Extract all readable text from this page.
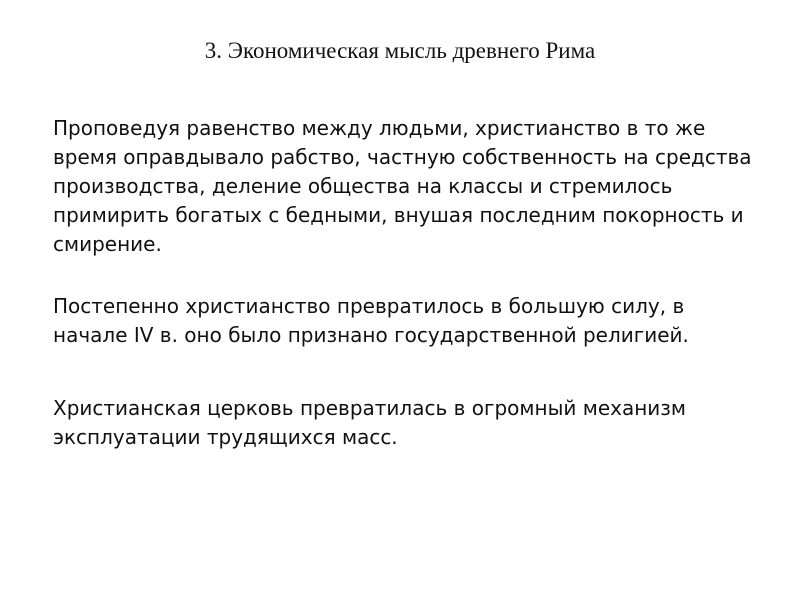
3. Экономическая мысль древнего Рима

Проповедуя равенство между людьми, христианство в то же время оправдывало рабство, частную собственность на средства производства, деление общества на классы и стремилось примирить богатых с бедными, внушая последним покорность и смирение.

Постепенно христианство превратилось в большую силу, в начале IV в. оно было признано государственной религией.

Христианская церковь превратилась в огромный механизм эксплуатации трудящихся масс.
